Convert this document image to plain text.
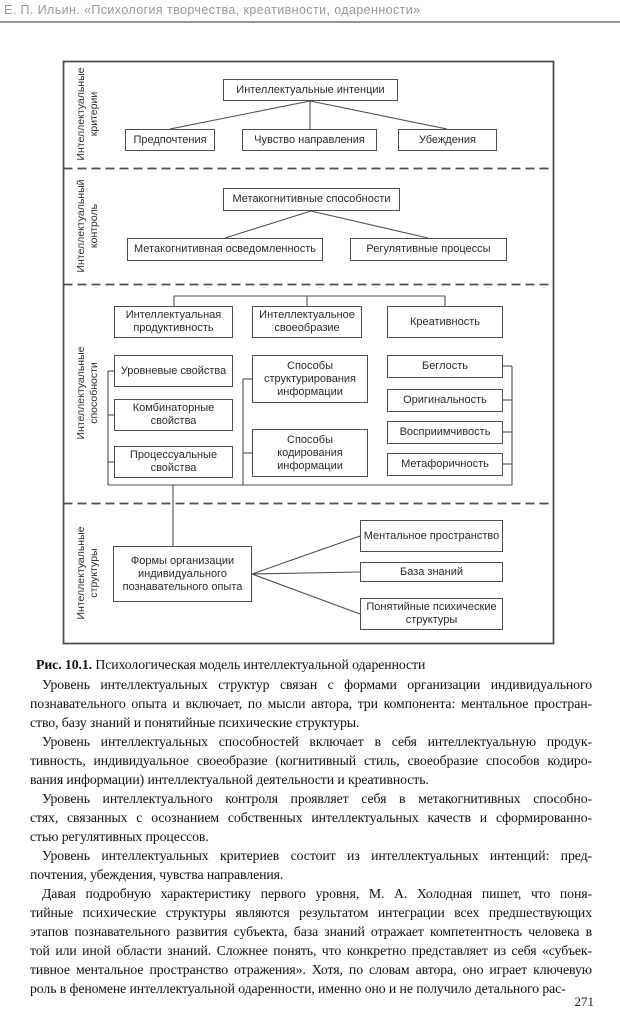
Е. П. Ильин. «Психология творчества, креативности, одаренности»
Интеллектуальные критерии
Интеллектуальный контроль
Интеллектуальные способности
Интеллектуальные структуры
Интеллектуальные интенции
Предпочтения	Чувство направления	Убеждения
Метакогнитивные способности
Метакогнитивная осведомленность	Регулятивные процессы
Интеллектуальная продуктивность
Интеллектуальное своеобразие
Креативность
Уровневые свойства
Комбинаторные свойства
Процессуальные свойства
Способы структурирования информации
Способы кодирования информации
Беглость
Оригинальность
Восприимчивость
Метафоричность
Формы организации индивидуального познавательного опыта
Ментальное пространство
База знаний
Понятийные психические структуры

Рис. 10.1. Психологическая модель интеллектуальной одаренности

Уровень интеллектуальных структур связан с формами организации индивидуального
познавательного опыта и включает, по мысли автора, три компонента: ментальное простран-
ство, базу знаний и понятийные психические структуры.
Уровень интеллектуальных способностей включает в себя интеллектуальную продук-
тивность, индивидуальное своеобразие (когнитивный стиль, своеобразие способов кодиро-
вания информации) интеллектуальной деятельности и креативность.
Уровень интеллектуального контроля проявляет себя в метакогнитивных способно-
стях, связанных с осознанием собственных интеллектуальных качеств и сформированно-
стью регулятивных процессов.
Уровень интеллектуальных критериев состоит из интеллектуальных интенций: пред-
почтения, убеждения, чувства направления.
Давая подробную характеристику первого уровня, М. А. Холодная пишет, что поня-
тийные психические структуры являются результатом интеграции всех предшествующих
этапов познавательного развития субъекта, база знаний отражает компетентность человека в
той или иной области знаний. Сложнее понять, что конкретно представляет из себя «субъек-
тивное ментальное пространство отражения». Хотя, по словам автора, оно играет ключевую
роль в феномене интеллектуальной одаренности, именно оно и не получило детального рас-
271
